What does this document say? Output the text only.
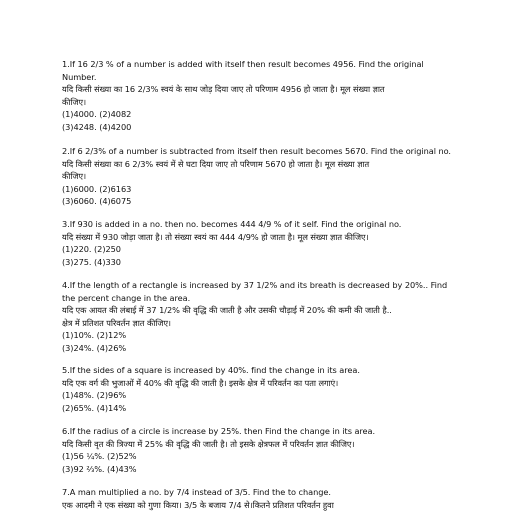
1.If 16 2/3 % of a number is added with itself then result becomes 4956. Find the original
Number.
यदि किसी संख्या का 16 2/3% स्वयं के साथ जोड़ दिया जाए तो परिणाम 4956 हो जाता है। मूल संख्या ज्ञात
कीजिए।
(1)4000. (2)4082
(3)4248. (4)4200
2.If 6 2/3% of a number is subtracted from itself then result becomes 5670. Find the original no.
यदि किसी संख्या का 6 2/3% स्वयं में से घटा दिया जाए तो परिणाम 5670 हो जाता है। मूल संख्या ज्ञात
कीजिए।
(1)6000. (2)6163
(3)6060. (4)6075
3.If 930 is added in a no. then no. becomes 444 4/9 % of it self. Find the original no.
यदि संख्या में 930 जोड़ा जाता है। तो संख्या स्वयं का 444 4/9% हो जाता है। मूल संख्या ज्ञात कीजिए।
(1)220. (2)250
(3)275. (4)330
4.If the length of a rectangle is increased by 37 1/2% and its breath is decreased by 20%.. Find
the percent change in the area.
यदि एक आयत की लंबाई में 37 1/2% की वृद्धि की जाती है और उसकी चौड़ाई में 20% की कमी की जाती है..
क्षेत्र में प्रतिशत परिवर्तन ज्ञात कीजिए।
(1)10%. (2)12%
(3)24%. (4)26%
5.If the sides of a square is increased by 40%. find the change in its area.
यदि एक वर्ग की भुजाओं में 40% की वृद्धि की जाती है। इसके क्षेत्र में परिवर्तन का पता लगाएं।
(1)48%. (2)96%
(2)65%. (4)14%
6.If the radius of a circle is increase by 25%. then Find the change in its area.
यदि किसी वृत की त्रिज्या में 25% की वृद्धि की जाती है। तो इसके क्षेत्रफल में परिवर्तन ज्ञात कीजिए।
(1)56 ¼%. (2)52%
(3)92 ⅔%. (4)43%
7.A man multiplied a no. by 7/4 instead of 3/5. Find the to change.
एक आदमी ने एक संख्या को गुणा किया। 3/5 के बजाय 7/4 से।कितने प्रतिशत परिवर्तन हुवा
